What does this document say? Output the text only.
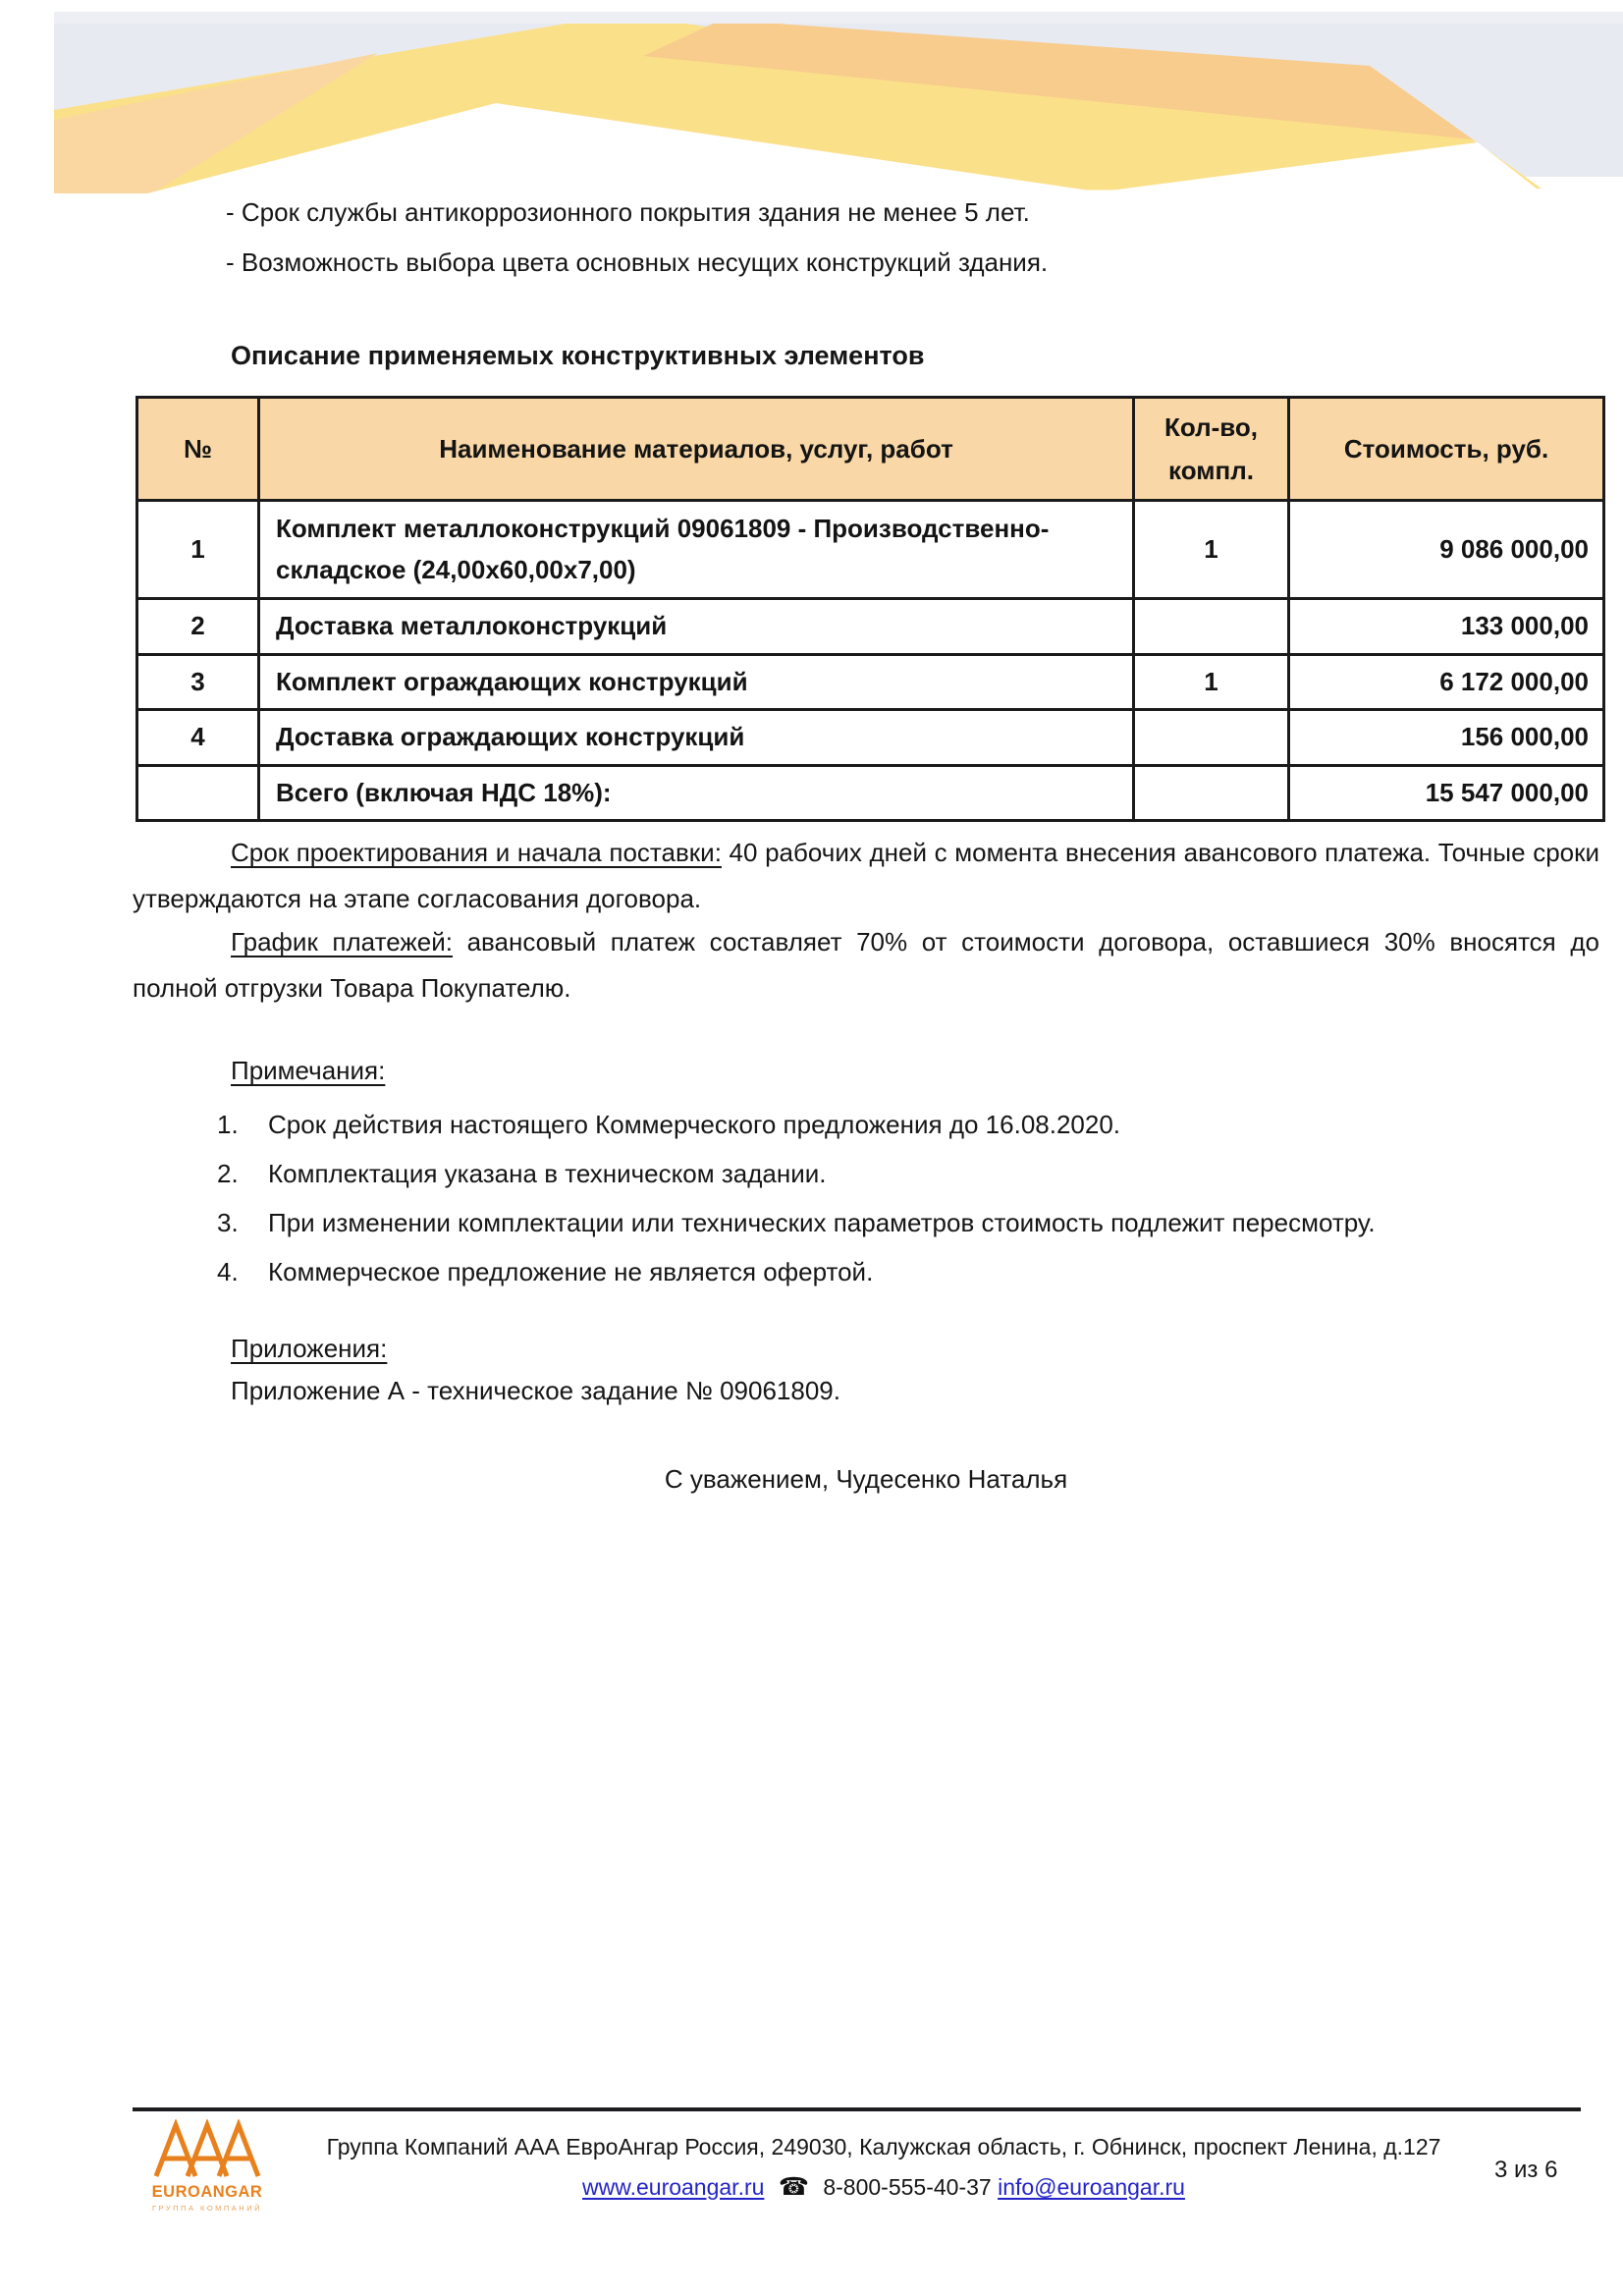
- Срок службы антикоррозионного покрытия здания не менее 5 лет.
- Возможность выбора цвета основных несущих конструкций здания.
Описание применяемых конструктивных элементов
№	Наименование материалов, услуг, работ	Кол-во, компл.	Стоимость, руб.
1	Комплект металлоконструкций 09061809 - Производственно-складское (24,00х60,00х7,00)	1	9 086 000,00
2	Доставка металлоконструкций		133 000,00
3	Комплект ограждающих конструкций	1	6 172 000,00
4	Доставка ограждающих конструкций		156 000,00
	Всего (включая НДС 18%):		15 547 000,00

Срок проектирования и начала поставки: 40 рабочих дней с момента внесения авансового платежа. Точные сроки утверждаются на этапе согласования договора.

График платежей: авансовый платеж составляет 70% от стоимости договора, оставшиеся 30% вносятся до полной отгрузки Товара Покупателю.

Примечания:
1.	Срок действия настоящего Коммерческого предложения до 16.08.2020.
2.	Комплектация указана в техническом задании.
3.	При изменении комплектации или технических параметров стоимость подлежит пересмотру.
4.	Коммерческое предложение не является офертой.
Приложения:
Приложение А - техническое задание № 09061809.
С уважением, Чудесенко Наталья
EUROANGAR
ГРУППА КОМПАНИЙ
Группа Компаний ААА ЕвроАнгар Россия, 249030, Калужская область, г. Обнинск, проспект Ленина, д.127
www.euroangar.ru ☎ 8-800-555-40-37 info@euroangar.ru
3 из 6
